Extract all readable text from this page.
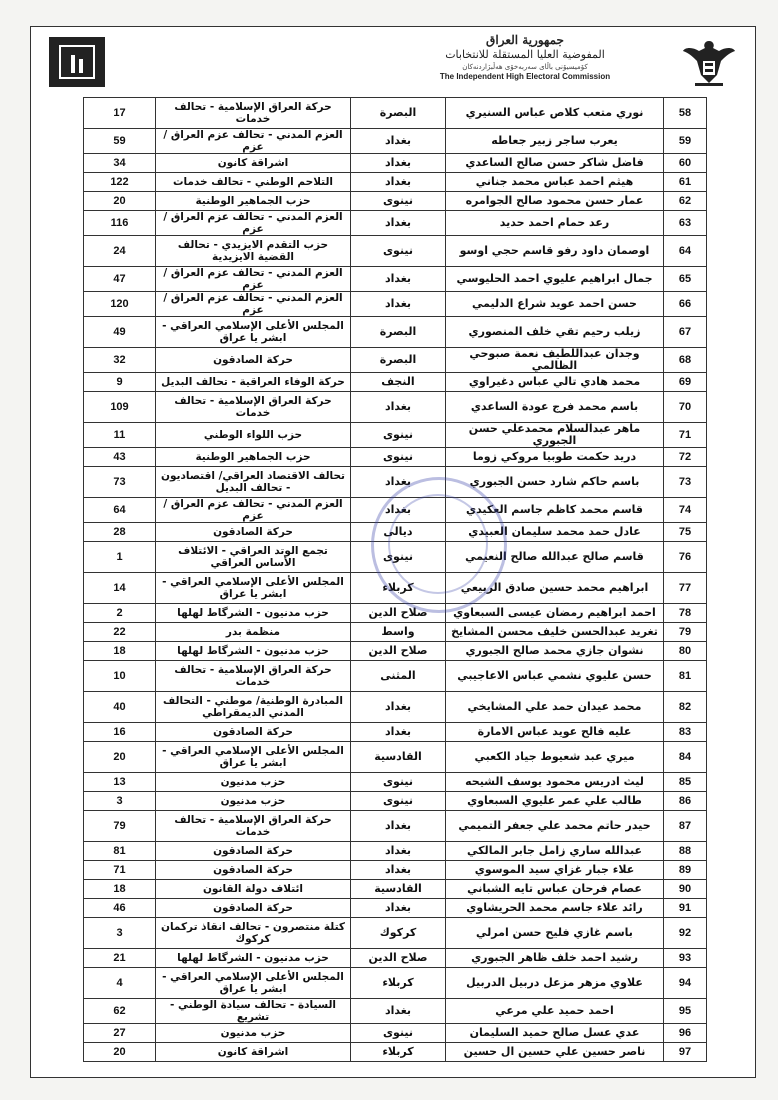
جمهورية العراق
المفوضية العليا المستقلة للانتخابات
کۆمیسیۆنی باڵای سەربەخۆی هەڵبژاردنەکان
The Independent High Electoral Commission
58	نوري متعب كلاص عباس السنيري	البصرة	حركة العراق الإسلامية - تحالف خدمات	17
59	يعرب ساجر زبير جعاطه	بغداد	العزم المدني - تحالف عزم العراق /عزم	59
60	فاضل شاكر حسن صالح الساعدي	بغداد	اشراقة كانون	34
61	هيثم احمد عباس محمد جناني	بغداد	التلاحم الوطني - تحالف خدمات	122
62	عمار حسن محمود صالح الجوامره	نينوى	حزب الجماهير الوطنية	20
63	رعد حمام احمد حديد	بغداد	العزم المدني - تحالف عزم العراق /عزم	116
64	اوصمان داود رفو قاسم حجي اوسو	نينوى	حزب التقدم الايزيدي - تحالف القضية الايزيدية	24
65	جمال ابراهيم عليوي احمد الحليوسي	بغداد	العزم المدني - تحالف عزم العراق /عزم	47
66	حسن احمد عويد شراع الدليمي	بغداد	العزم المدني - تحالف عزم العراق /عزم	120
67	زيلب رحيم تقي خلف المنصوري	البصرة	المجلس الأعلى الإسلامي العراقي - ابشر يا عراق	49
68	وجدان عبداللطيف نعمة صبوحي الظالمي	البصرة	حركة الصادقون	32
69	محمد هادي تالي عباس دغيراوي	النجف	حركة الوفاء العراقية - تحالف البديل	9
70	باسم محمد فرج عودة الساعدي	بغداد	حركة العراق الإسلامية - تحالف خدمات	109
71	ماهر عبدالسلام محمدعلي حسن الجبوري	نينوى	حزب اللواء الوطني	11
72	دريد حكمت طوبيا مروكي زوما	نينوى	حزب الجماهير الوطنية	43
73	باسم حاكم شارد حسن الجبوري	بغداد	تحالف الاقتصاد العراقي/ اقتصاديون - تحالف البديل	73
74	قاسم محمد كاظم جاسم العكيدي	بغداد	العزم المدني - تحالف عزم العراق /عزم	64
75	عادل حمد محمد سليمان العبيدي	ديالى	حركة الصادقون	28
76	قاسم صالح عبدالله صالح النعيمي	نينوى	تجمع الوتد العراقي - الائتلاف الأساس العراقي	1
77	ابراهيم محمد حسين صادق الربيعي	كربلاء	المجلس الأعلى الإسلامي العراقي - ابشر يا عراق	14
78	احمد ابراهيم رمضان عيسى السبعاوي	صلاح الدين	حزب مدنيون - الشرگاط لهلها	2
79	تغريد عبدالحسن خليف محسن المشايخ	واسط	منظمة بدر	22
80	نشوان جازي محمد صالح الجبوري	صلاح الدين	حزب مدنيون - الشرگاط لهلها	18
81	حسن عليوي نشمي عباس الاعاجيبي	المثنى	حركة العراق الإسلامية - تحالف خدمات	10
82	محمد عيدان حمد علي المشايخي	بغداد	المبادرة الوطنية/ موطني - التحالف المدني الديمقراطي	40
83	عليه فالح عويد عباس الامارة	بغداد	حركة الصادقون	16
84	ميري عبد شعيوط جياد الكعبي	القادسية	المجلس الأعلى الإسلامي العراقي - ابشر يا عراق	20
85	ليث ادريس محمود يوسف الشيحه	نينوى	حزب مدنيون	13
86	طالب علي عمر عليوي السبعاوي	نينوى	حزب مدنيون	3
87	حيدر حاتم محمد علي جعفر التميمي	بغداد	حركة العراق الإسلامية - تحالف خدمات	79
88	عبدالله ساري زامل جابر المالكي	بغداد	حركة الصادقون	81
89	علاء جبار غزاي سيد الموسوي	بغداد	حركة الصادقون	71
90	عصام فرحان عباس تايه الشباني	القادسية	ائتلاف دولة القانون	18
91	رائد علاء جاسم محمد الحريشاوي	بغداد	حركة الصادقون	46
92	باسم غازي فليح حسن امرلي	كركوك	كتلة منتصرون - تحالف انقاذ تركمان كركوك	3
93	رشيد احمد خلف ظاهر الجبوري	صلاح الدين	حزب مدنيون - الشرگاط لهلها	21
94	علاوي مزهر مزعل دربيل الدربيل	كربلاء	المجلس الأعلى الإسلامي العراقي - ابشر يا عراق	4
95	احمد حميد علي مرعي	بغداد	السيادة - تحالف سيادة الوطني - تشريع	62
96	عدي عسل صالح حميد السليمان	نينوى	حزب مدنيون	27
97	ناصر حسين علي حسين ال حسين	كربلاء	اشراقة كانون	20
